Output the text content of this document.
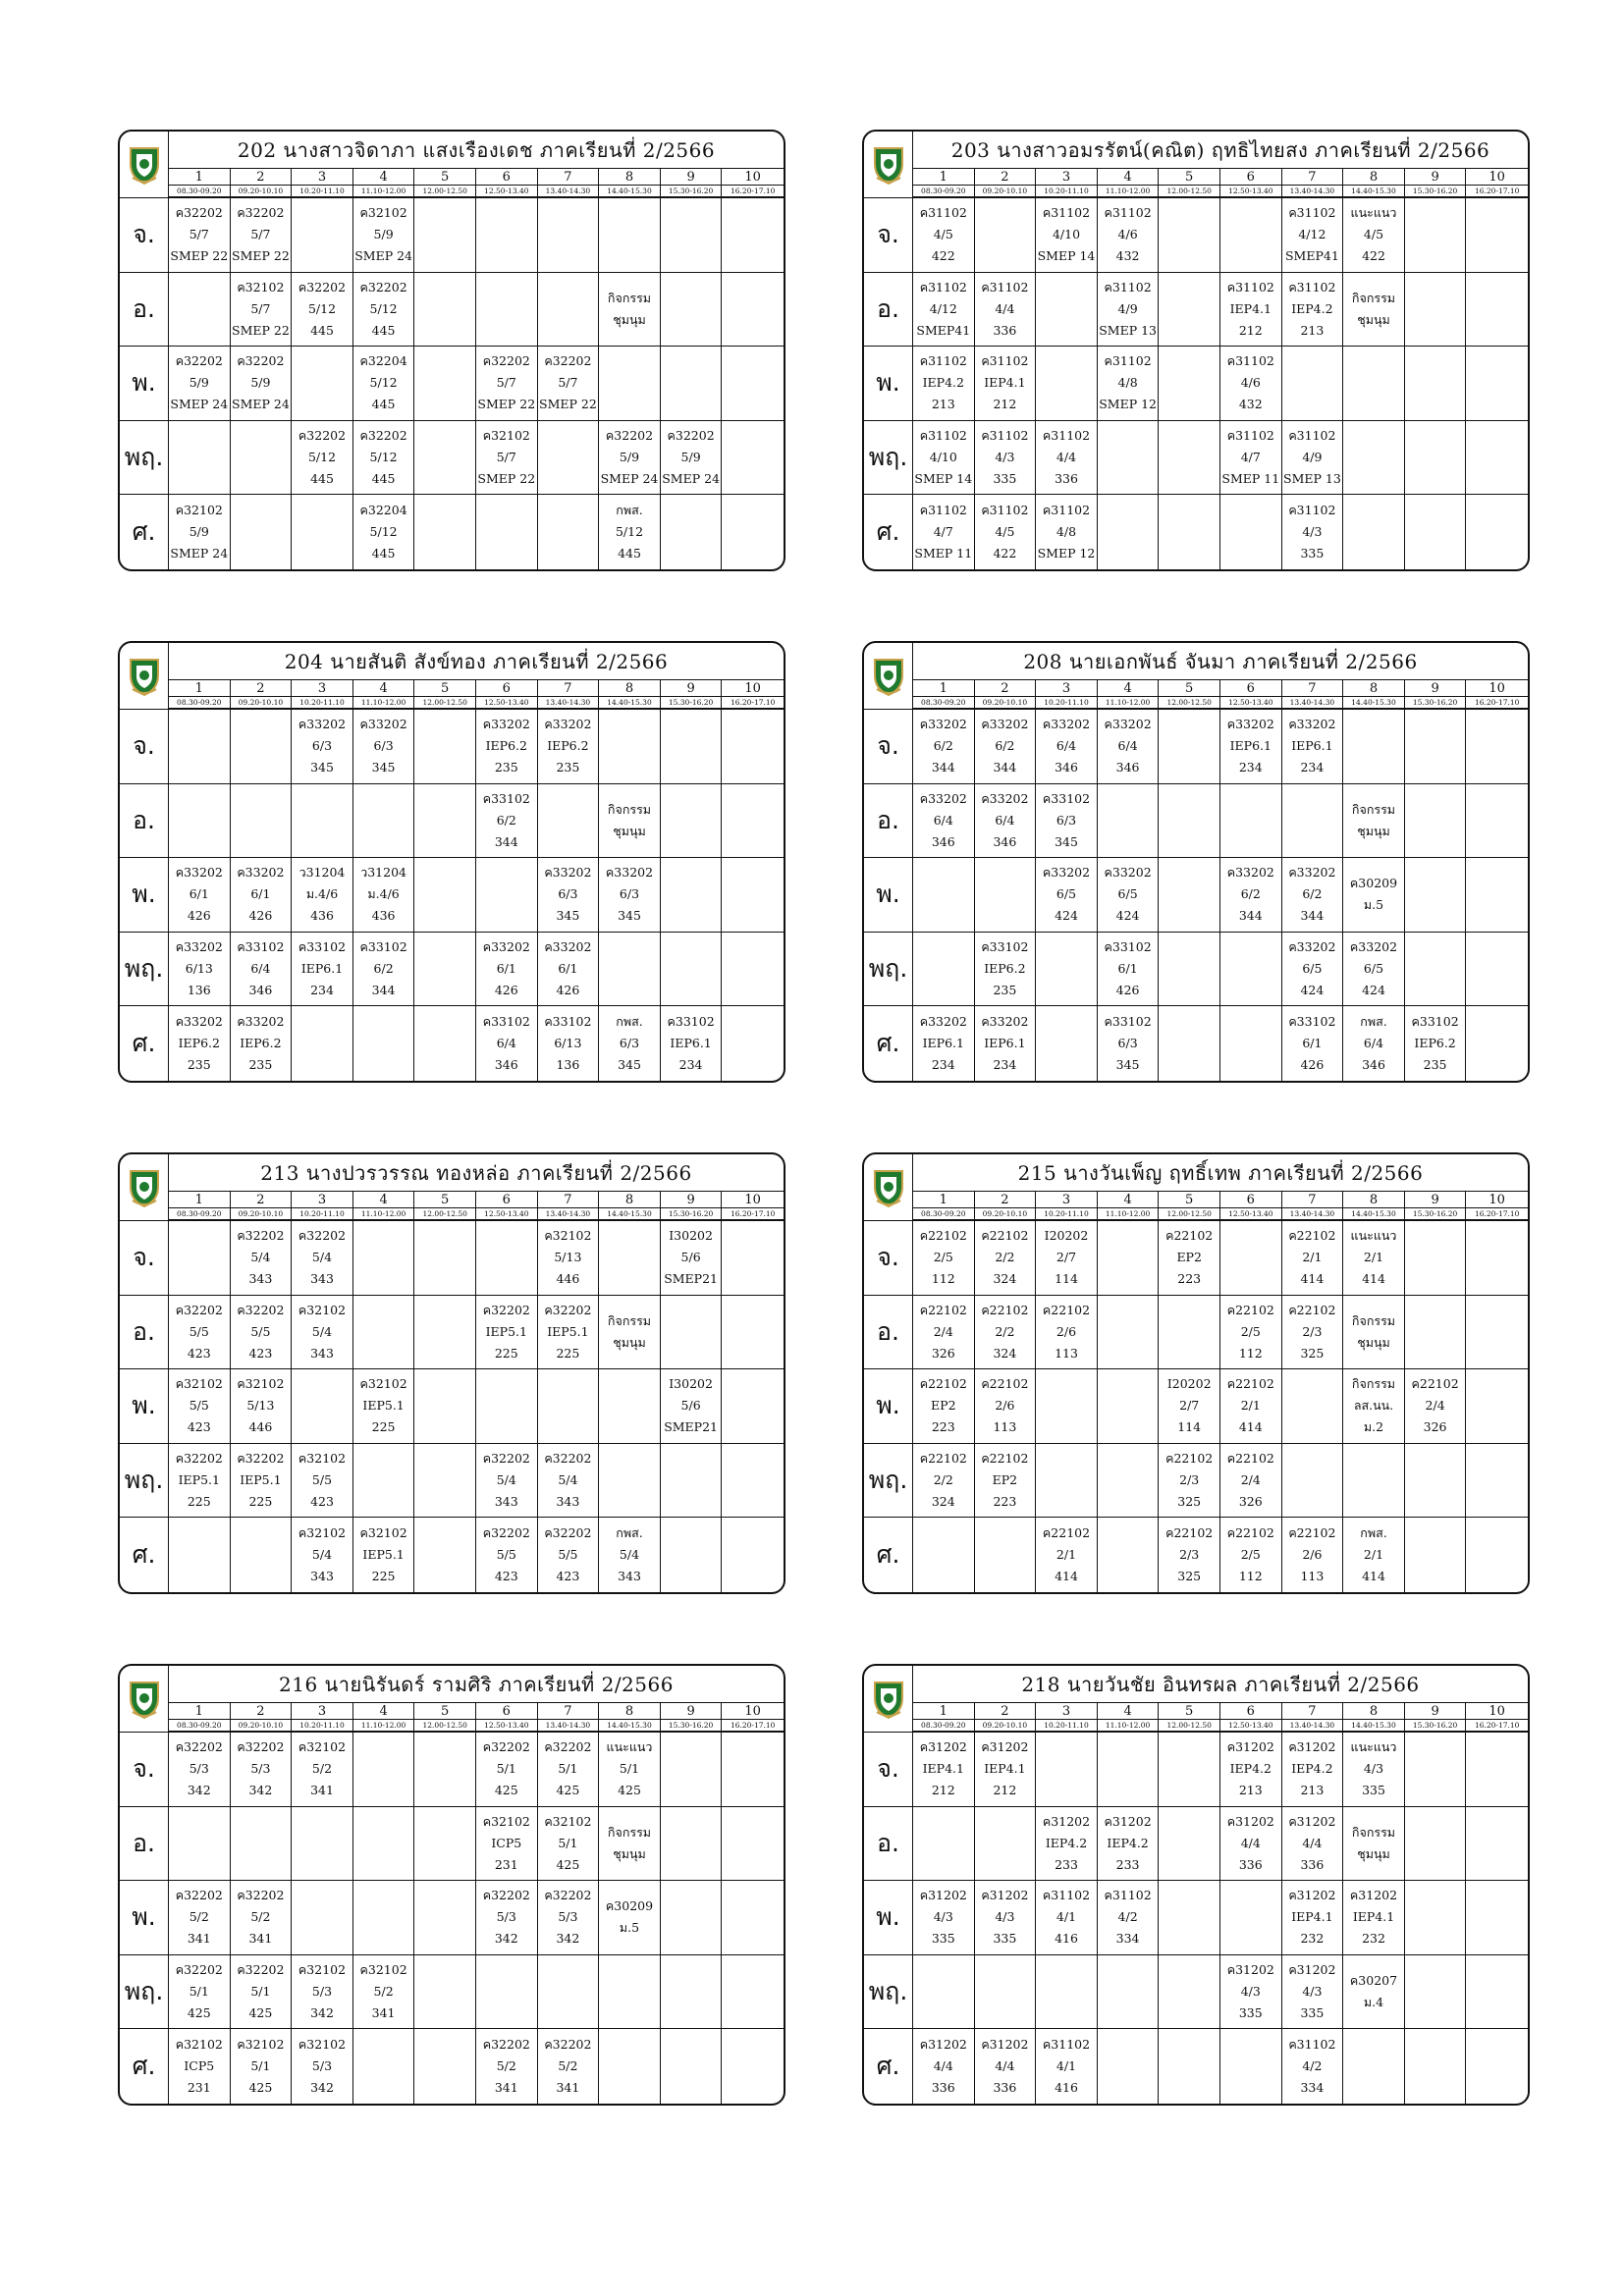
202 นางสาวจิดาภา แสงเรืองเดช ภาคเรียนที่ 2/2566
1
08.30-09.20
2
09.20-10.10
3
10.20-11.10
4
11.10-12.00
5
12.00-12.50
6
12.50-13.40
7
13.40-14.30
8
14.40-15.30
9
15.30-16.20
10
16.20-17.10
จ.
ค32202
5/7
SMEP 22
ค32202
5/7
SMEP 22
ค32102
5/9
SMEP 24
อ.
ค32102
5/7
SMEP 22
ค32202
5/12
445
ค32202
5/12
445
กิจกรรม
ชุมนุม
พ.
ค32202
5/9
SMEP 24
ค32202
5/9
SMEP 24
ค32204
5/12
445
ค32202
5/7
SMEP 22
ค32202
5/7
SMEP 22
พฤ.
ค32202
5/12
445
ค32202
5/12
445
ค32102
5/7
SMEP 22
ค32202
5/9
SMEP 24
ค32202
5/9
SMEP 24
ศ.
ค32102
5/9
SMEP 24
ค32204
5/12
445
กพส.
5/12
445
203 นางสาวอมรรัตน์(คณิต) ฤทธิไทยสง ภาคเรียนที่ 2/2566
1
08.30-09.20
2
09.20-10.10
3
10.20-11.10
4
11.10-12.00
5
12.00-12.50
6
12.50-13.40
7
13.40-14.30
8
14.40-15.30
9
15.30-16.20
10
16.20-17.10
จ.
ค31102
4/5
422
ค31102
4/10
SMEP 14
ค31102
4/6
432
ค31102
4/12
SMEP41
แนะแนว
4/5
422
อ.
ค31102
4/12
SMEP41
ค31102
4/4
336
ค31102
4/9
SMEP 13
ค31102
IEP4.1
212
ค31102
IEP4.2
213
กิจกรรม
ชุมนุม
พ.
ค31102
IEP4.2
213
ค31102
IEP4.1
212
ค31102
4/8
SMEP 12
ค31102
4/6
432
พฤ.
ค31102
4/10
SMEP 14
ค31102
4/3
335
ค31102
4/4
336
ค31102
4/7
SMEP 11
ค31102
4/9
SMEP 13
ศ.
ค31102
4/7
SMEP 11
ค31102
4/5
422
ค31102
4/8
SMEP 12
ค31102
4/3
335
204 นายสันติ สังข์ทอง ภาคเรียนที่ 2/2566
1
08.30-09.20
2
09.20-10.10
3
10.20-11.10
4
11.10-12.00
5
12.00-12.50
6
12.50-13.40
7
13.40-14.30
8
14.40-15.30
9
15.30-16.20
10
16.20-17.10
จ.
ค33202
6/3
345
ค33202
6/3
345
ค33202
IEP6.2
235
ค33202
IEP6.2
235
อ.
ค33102
6/2
344
กิจกรรม
ชุมนุม
พ.
ค33202
6/1
426
ค33202
6/1
426
ว31204
ม.4/6
436
ว31204
ม.4/6
436
ค33202
6/3
345
ค33202
6/3
345
พฤ.
ค33202
6/13
136
ค33102
6/4
346
ค33102
IEP6.1
234
ค33102
6/2
344
ค33202
6/1
426
ค33202
6/1
426
ศ.
ค33202
IEP6.2
235
ค33202
IEP6.2
235
ค33102
6/4
346
ค33102
6/13
136
กพส.
6/3
345
ค33102
IEP6.1
234
208 นายเอกพันธ์ จันมา ภาคเรียนที่ 2/2566
1
08.30-09.20
2
09.20-10.10
3
10.20-11.10
4
11.10-12.00
5
12.00-12.50
6
12.50-13.40
7
13.40-14.30
8
14.40-15.30
9
15.30-16.20
10
16.20-17.10
จ.
ค33202
6/2
344
ค33202
6/2
344
ค33202
6/4
346
ค33202
6/4
346
ค33202
IEP6.1
234
ค33202
IEP6.1
234
อ.
ค33202
6/4
346
ค33202
6/4
346
ค33102
6/3
345
กิจกรรม
ชุมนุม
พ.
ค33202
6/5
424
ค33202
6/5
424
ค33202
6/2
344
ค33202
6/2
344
ค30209
ม.5
พฤ.
ค33102
IEP6.2
235
ค33102
6/1
426
ค33202
6/5
424
ค33202
6/5
424
ศ.
ค33202
IEP6.1
234
ค33202
IEP6.1
234
ค33102
6/3
345
ค33102
6/1
426
กพส.
6/4
346
ค33102
IEP6.2
235
213 นางปวรวรรณ ทองหล่อ ภาคเรียนที่ 2/2566
1
08.30-09.20
2
09.20-10.10
3
10.20-11.10
4
11.10-12.00
5
12.00-12.50
6
12.50-13.40
7
13.40-14.30
8
14.40-15.30
9
15.30-16.20
10
16.20-17.10
จ.
ค32202
5/4
343
ค32202
5/4
343
ค32102
5/13
446
I30202
5/6
SMEP21
อ.
ค32202
5/5
423
ค32202
5/5
423
ค32102
5/4
343
ค32202
IEP5.1
225
ค32202
IEP5.1
225
กิจกรรม
ชุมนุม
พ.
ค32102
5/5
423
ค32102
5/13
446
ค32102
IEP5.1
225
I30202
5/6
SMEP21
พฤ.
ค32202
IEP5.1
225
ค32202
IEP5.1
225
ค32102
5/5
423
ค32202
5/4
343
ค32202
5/4
343
ศ.
ค32102
5/4
343
ค32102
IEP5.1
225
ค32202
5/5
423
ค32202
5/5
423
กพส.
5/4
343
215 นางวันเพ็ญ ฤทธิ์เทพ ภาคเรียนที่ 2/2566
1
08.30-09.20
2
09.20-10.10
3
10.20-11.10
4
11.10-12.00
5
12.00-12.50
6
12.50-13.40
7
13.40-14.30
8
14.40-15.30
9
15.30-16.20
10
16.20-17.10
จ.
ค22102
2/5
112
ค22102
2/2
324
I20202
2/7
114
ค22102
EP2
223
ค22102
2/1
414
แนะแนว
2/1
414
อ.
ค22102
2/4
326
ค22102
2/2
324
ค22102
2/6
113
ค22102
2/5
112
ค22102
2/3
325
กิจกรรม
ชุมนุม
พ.
ค22102
EP2
223
ค22102
2/6
113
I20202
2/7
114
ค22102
2/1
414
กิจกรรม
ลส.นน.
ม.2
ค22102
2/4
326
พฤ.
ค22102
2/2
324
ค22102
EP2
223
ค22102
2/3
325
ค22102
2/4
326
ศ.
ค22102
2/1
414
ค22102
2/3
325
ค22102
2/5
112
ค22102
2/6
113
กพส.
2/1
414
216 นายนิรันดร์ รามศิริ ภาคเรียนที่ 2/2566
1
08.30-09.20
2
09.20-10.10
3
10.20-11.10
4
11.10-12.00
5
12.00-12.50
6
12.50-13.40
7
13.40-14.30
8
14.40-15.30
9
15.30-16.20
10
16.20-17.10
จ.
ค32202
5/3
342
ค32202
5/3
342
ค32102
5/2
341
ค32202
5/1
425
ค32202
5/1
425
แนะแนว
5/1
425
อ.
ค32102
ICP5
231
ค32102
5/1
425
กิจกรรม
ชุมนุม
พ.
ค32202
5/2
341
ค32202
5/2
341
ค32202
5/3
342
ค32202
5/3
342
ค30209
ม.5
พฤ.
ค32202
5/1
425
ค32202
5/1
425
ค32102
5/3
342
ค32102
5/2
341
ศ.
ค32102
ICP5
231
ค32102
5/1
425
ค32102
5/3
342
ค32202
5/2
341
ค32202
5/2
341
218 นายวันชัย อินทรผล ภาคเรียนที่ 2/2566
1
08.30-09.20
2
09.20-10.10
3
10.20-11.10
4
11.10-12.00
5
12.00-12.50
6
12.50-13.40
7
13.40-14.30
8
14.40-15.30
9
15.30-16.20
10
16.20-17.10
จ.
ค31202
IEP4.1
212
ค31202
IEP4.1
212
ค31202
IEP4.2
213
ค31202
IEP4.2
213
แนะแนว
4/3
335
อ.
ค31202
IEP4.2
233
ค31202
IEP4.2
233
ค31202
4/4
336
ค31202
4/4
336
กิจกรรม
ชุมนุม
พ.
ค31202
4/3
335
ค31202
4/3
335
ค31102
4/1
416
ค31102
4/2
334
ค31202
IEP4.1
232
ค31202
IEP4.1
232
พฤ.
ค31202
4/3
335
ค31202
4/3
335
ค30207
ม.4
ศ.
ค31202
4/4
336
ค31202
4/4
336
ค31102
4/1
416
ค31102
4/2
334
